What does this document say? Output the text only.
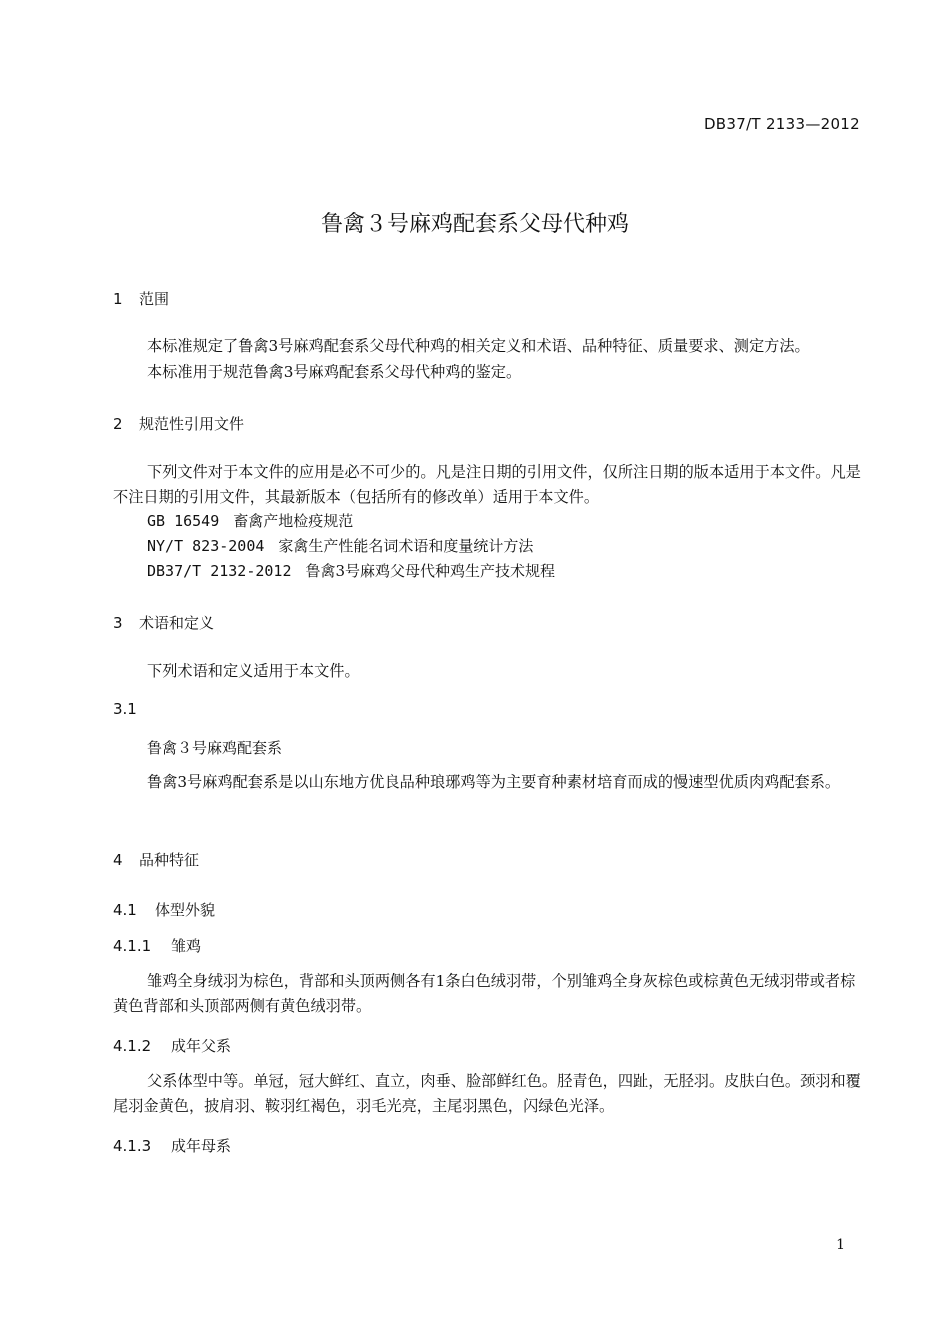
DB37/T 2133—2012
鲁禽３号麻鸡配套系父母代种鸡
1 范围
本标准规定了鲁禽3号麻鸡配套系父母代种鸡的相关定义和术语、品种特征、质量要求、测定方法。
本标准用于规范鲁禽3号麻鸡配套系父母代种鸡的鉴定。
2 规范性引用文件
下列文件对于本文件的应用是必不可少的。凡是注日期的引用文件，仅所注日期的版本适用于本文件。凡是不注日期的引用文件，其最新版本（包括所有的修改单）适用于本文件。
GB 16549 畜禽产地检疫规范
NY/T 823-2004 家禽生产性能名词术语和度量统计方法
DB37/T 2132-2012 鲁禽3号麻鸡父母代种鸡生产技术规程
3 术语和定义
下列术语和定义适用于本文件。
3.1
鲁禽３号麻鸡配套系
鲁禽3号麻鸡配套系是以山东地方优良品种琅琊鸡等为主要育种素材培育而成的慢速型优质肉鸡配套系。
4 品种特征
4.1 体型外貌
4.1.1 雏鸡
雏鸡全身绒羽为棕色，背部和头顶两侧各有1条白色绒羽带，个别雏鸡全身灰棕色或棕黄色无绒羽带或者棕黄色背部和头顶部两侧有黄色绒羽带。
4.1.2 成年父系
父系体型中等。单冠，冠大鲜红、直立，肉垂、脸部鲜红色。胫青色，四趾，无胫羽。皮肤白色。颈羽和覆尾羽金黄色，披肩羽、鞍羽红褐色，羽毛光亮，主尾羽黑色，闪绿色光泽。
4.1.3 成年母系
1
